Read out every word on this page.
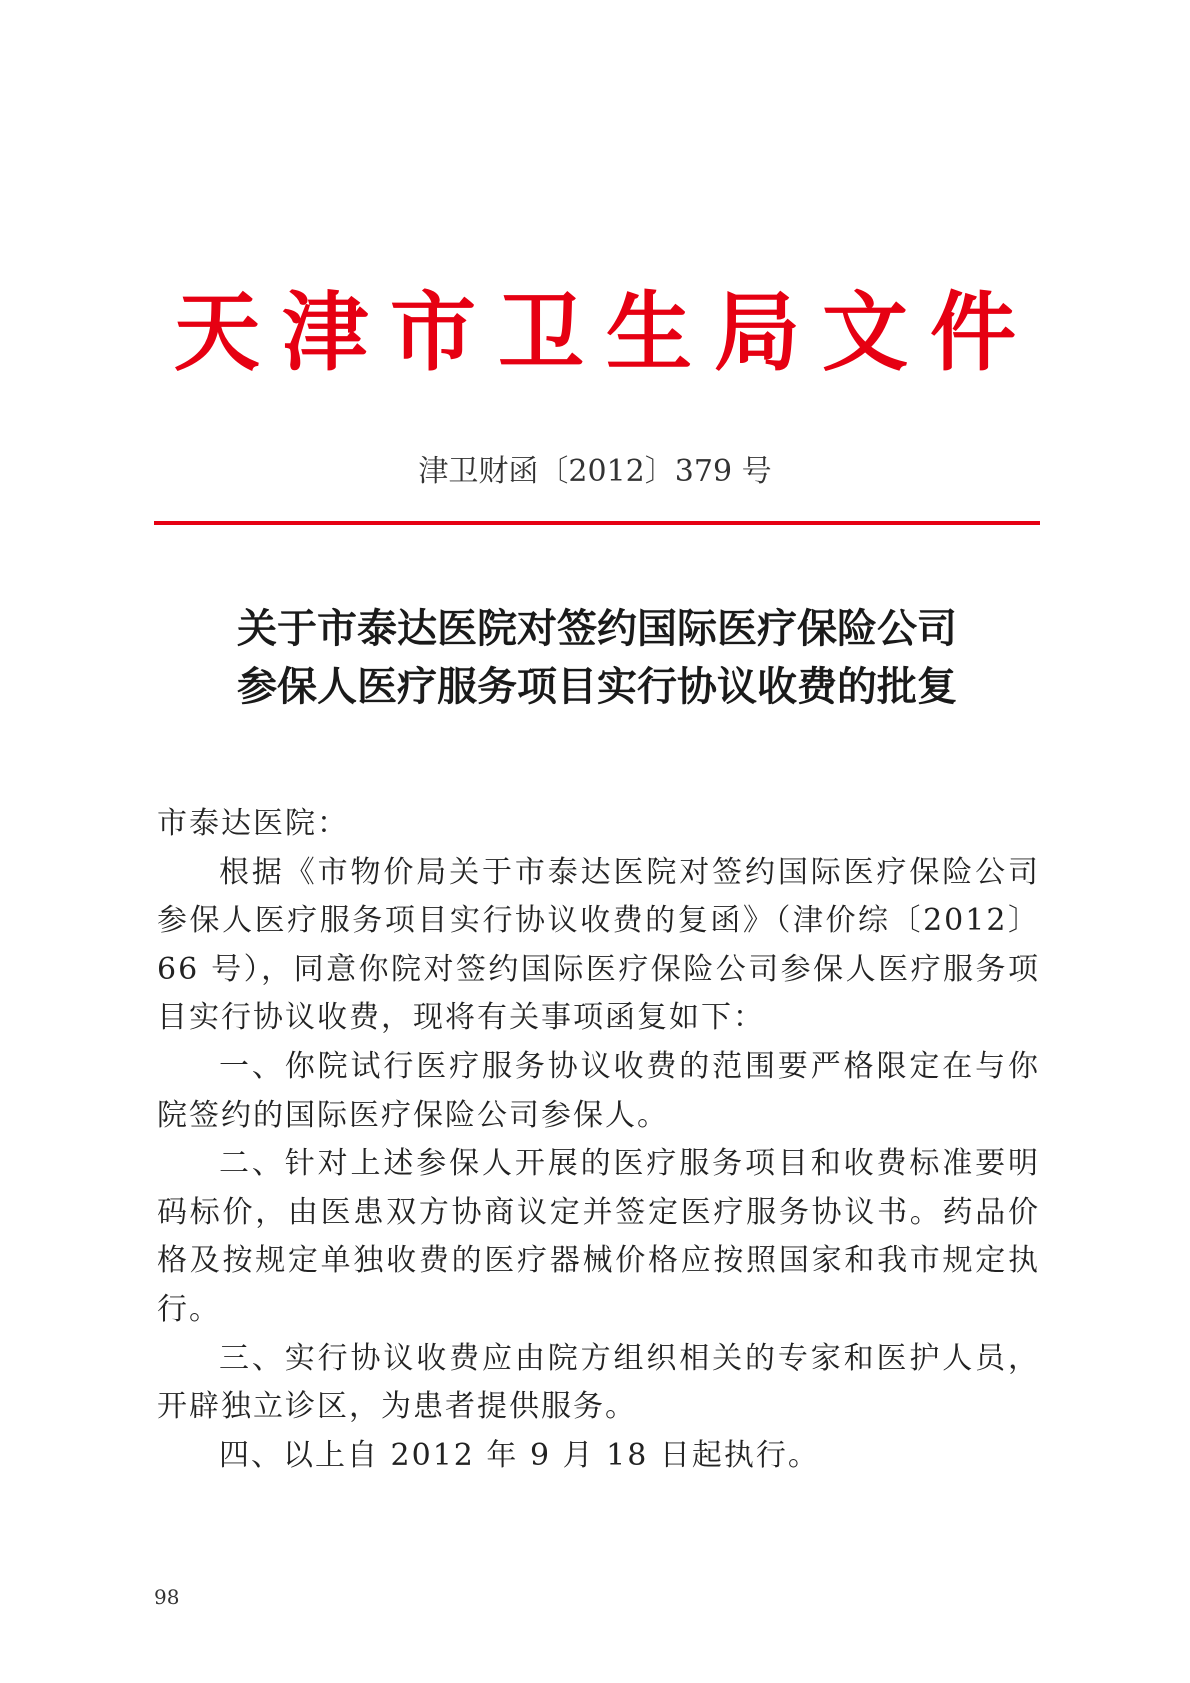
天津市卫生局文件
津卫财函〔2012〕379 号
关于市泰达医院对签约国际医疗保险公司
参保人医疗服务项目实行协议收费的批复

市泰达医院：

根据《市物价局关于市泰达医院对签约国际医疗保险公司参保人医疗服务项目实行协议收费的复函》（津价综〔2012〕66 号），同意你院对签约国际医疗保险公司参保人医疗服务项目实行协议收费，现将有关事项函复如下：

一、你院试行医疗服务协议收费的范围要严格限定在与你院签约的国际医疗保险公司参保人。

二、针对上述参保人开展的医疗服务项目和收费标准要明码标价，由医患双方协商议定并签定医疗服务协议书。药品价格及按规定单独收费的医疗器械价格应按照国家和我市规定执行。

三、实行协议收费应由院方组织相关的专家和医护人员，开辟独立诊区，为患者提供服务。

四、以上自 2012 年 9 月 18 日起执行。

98
